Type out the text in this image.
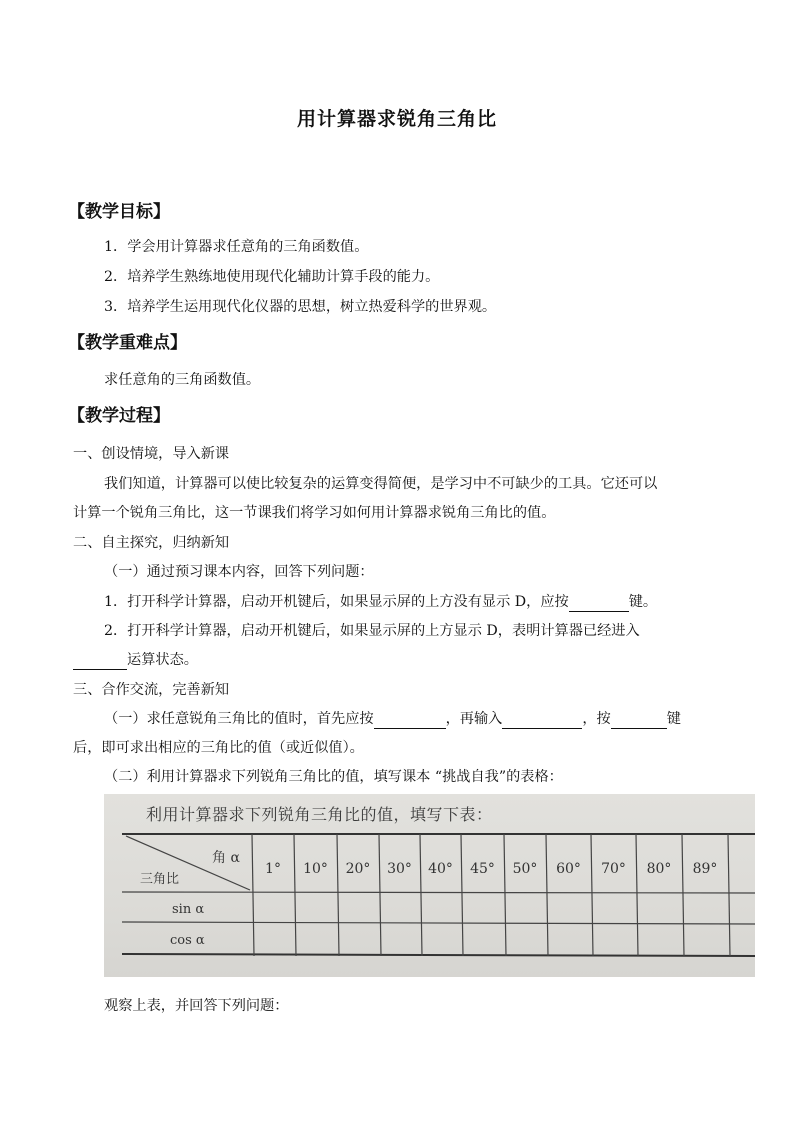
用计算器求锐角三角比
【教学目标】
1．学会用计算器求任意角的三角函数值。
2．培养学生熟练地使用现代化辅助计算手段的能力。
3．培养学生运用现代化仪器的思想，树立热爱科学的世界观。
【教学重难点】
求任意角的三角函数值。
【教学过程】
一、创设情境，导入新课
我们知道，计算器可以使比较复杂的运算变得简便，是学习中不可缺少的工具。它还可以
计算一个锐角三角比，这一节课我们将学习如何用计算器求锐角三角比的值。
二、自主探究，归纳新知
（一）通过预习课本内容，回答下列问题：
1．打开科学计算器，启动开机键后，如果显示屏的上方没有显示 D，应按	键。
2．打开科学计算器，启动开机键后，如果显示屏的上方显示 D，表明计算器已经进入
运算状态。
三、合作交流，完善新知
（一）求任意锐角三角比的值时，首先应按	，再输入	，按	键
后，即可求出相应的三角比的值（或近似值）。
（二）利用计算器求下列锐角三角比的值，填写课本 “挑战自我”的表格：
利用计算器求下列锐角三角比的值，填写下表：
角 α
三角比
1° 10° 20° 30° 40° 45° 50° 60° 70° 80° 89°
sin α
cos α
观察上表，并回答下列问题：
